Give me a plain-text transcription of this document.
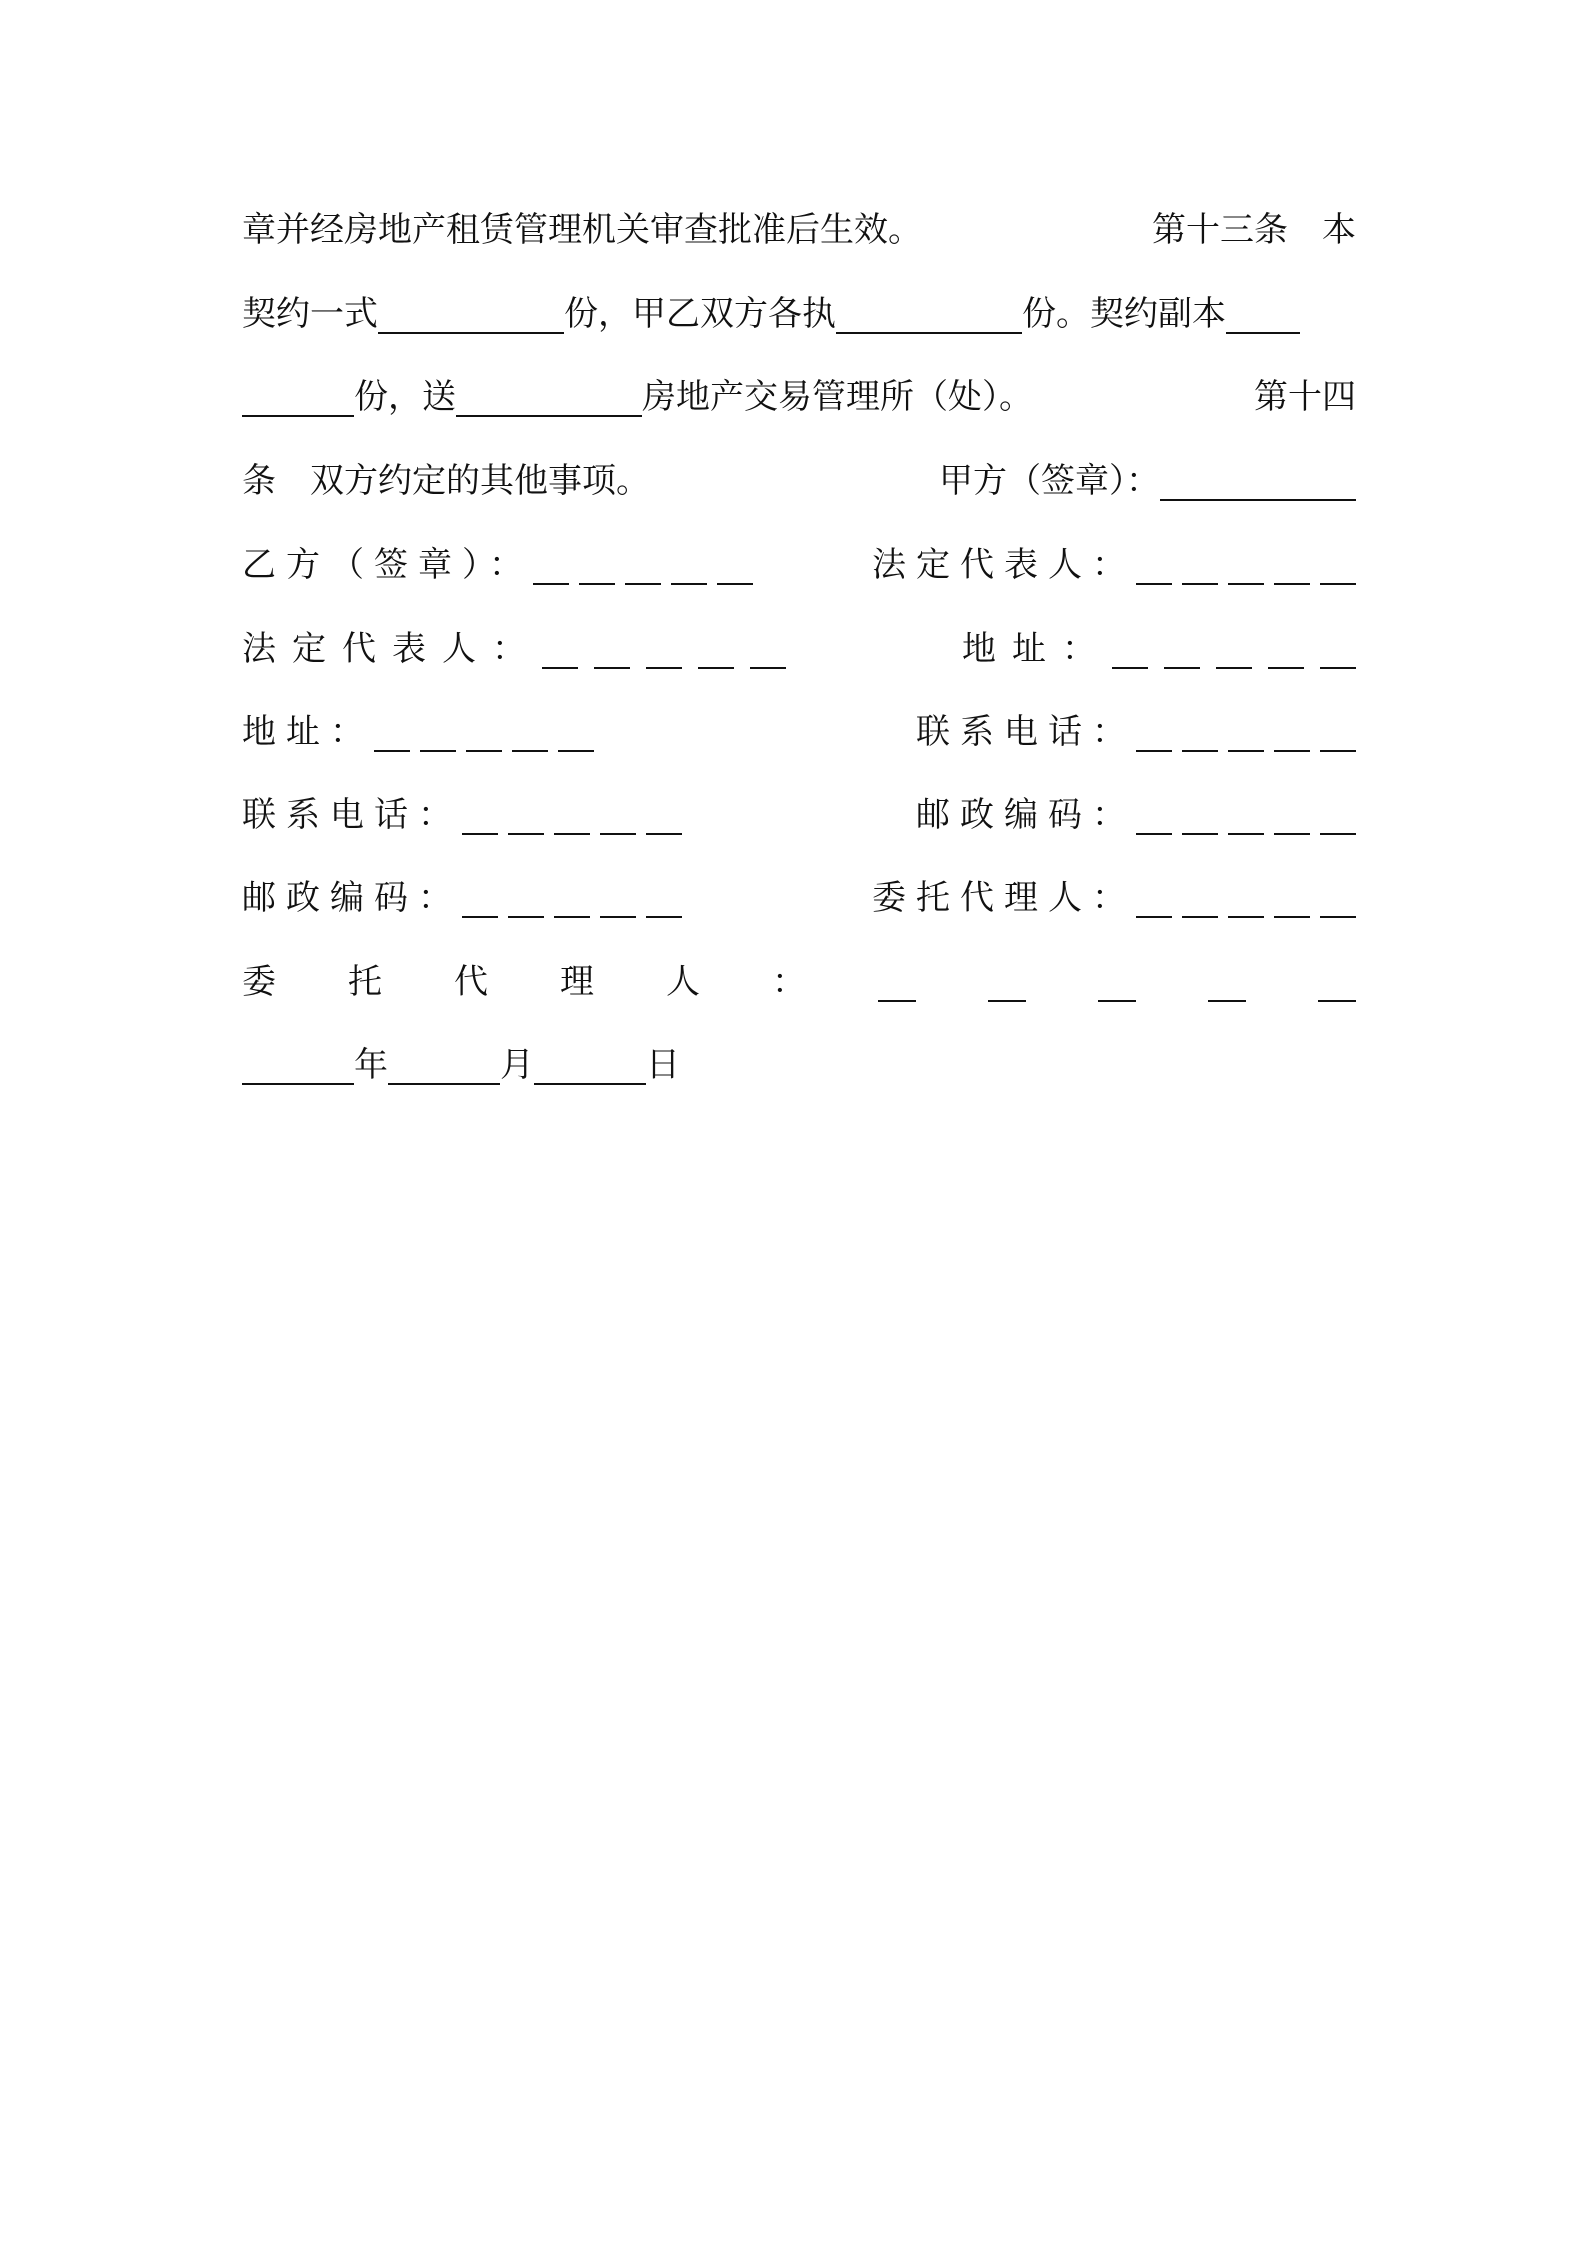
章并经房地产租赁管理机关审查批准后生效。	第十三条　本
契约一式	份，甲乙双方各执	份。契约副本
份，送	房地产交易管理所（处）。	第十四
条　双方约定的其他事项。	甲方（签章）：
乙方（签章）：	法定代表人：
法定代表人：	地址：
地址：	联系电话：
联系电话：	邮政编码：
邮政编码：	委托代理人：
委 托 代 理 人 ：
年	月	日
